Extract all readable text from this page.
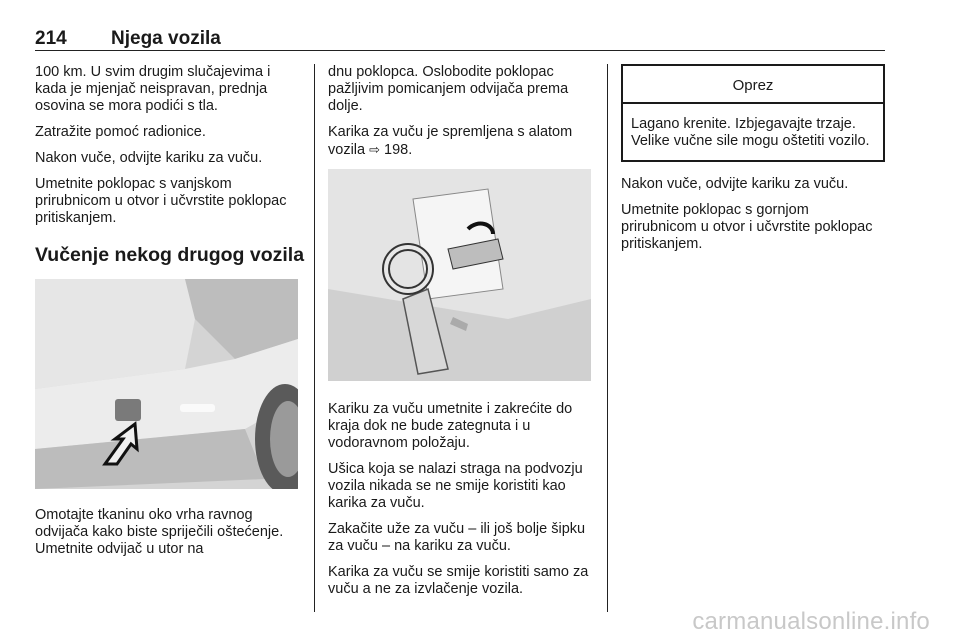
214 Njega vozila

100 km. U svim drugim slučajevima i kada je mjenjač neispravan, prednja osovina se mora podići s tla.

Zatražite pomoć radionice.

Nakon vuče, odvijte kariku za vuču.

Umetnite poklopac s vanjskom prirubnicom u otvor i učvrstite poklopac pritiskanjem.

Vučenje nekog drugog vozila

Omotajte tkaninu oko vrha ravnog odvijača kako biste spriječili oštećenje. Umetnite odvijač u utor na

dnu poklopca. Oslobodite poklopac pažljivim pomicanjem odvijača prema dolje.

Karika za vuču je spremljena s alatom vozila ⇨ 198.

Kariku za vuču umetnite i zakrećite do kraja dok ne bude zategnuta i u vodoravnom položaju.

Ušica koja se nalazi straga na podvozju vozila nikada se ne smije koristiti kao karika za vuču.

Zakačite uže za vuču – ili još bolje šipku za vuču – na kariku za vuču.

Karika za vuču se smije koristiti samo za vuču a ne za izvlačenje vozila.

Oprez
Lagano krenite. Izbjegavajte trzaje. Velike vučne sile mogu oštetiti vozilo.

Nakon vuče, odvijte kariku za vuču.

Umetnite poklopac s gornjom prirubnicom u otvor i učvrstite poklopac pritiskanjem.

carmanualsonline.info
